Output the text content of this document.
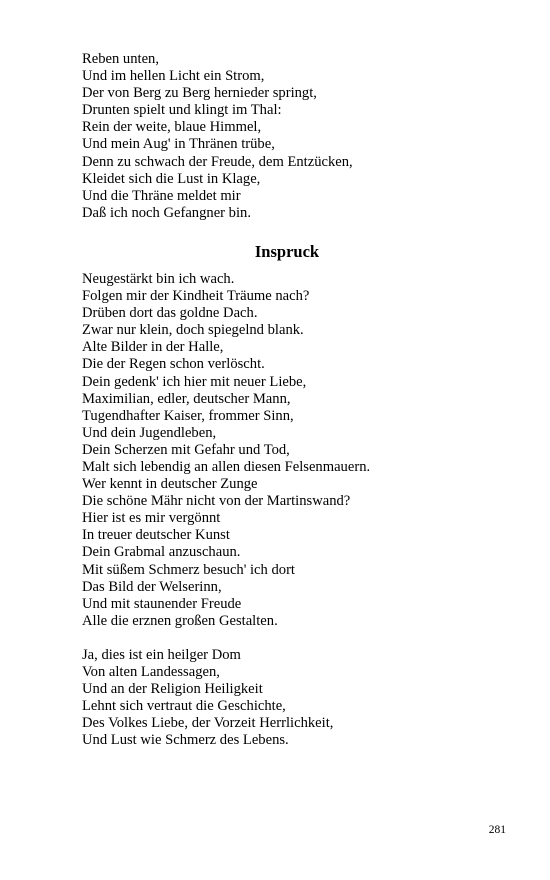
Reben unten,
Und im hellen Licht ein Strom,
Der von Berg zu Berg hernieder springt,
Drunten spielt und klingt im Thal:
Rein der weite, blaue Himmel,
Und mein Aug' in Thränen trübe,
Denn zu schwach der Freude, dem Entzücken,
Kleidet sich die Lust in Klage,
Und die Thräne meldet mir
Daß ich noch Gefangner bin.
Inspruck
Neugestärkt bin ich wach.
Folgen mir der Kindheit Träume nach?
Drüben dort das goldne Dach.
Zwar nur klein, doch spiegelnd blank.
Alte Bilder in der Halle,
Die der Regen schon verlöscht.
Dein gedenk' ich hier mit neuer Liebe,
Maximilian, edler, deutscher Mann,
Tugendhafter Kaiser, frommer Sinn,
Und dein Jugendleben,
Dein Scherzen mit Gefahr und Tod,
Malt sich lebendig an allen diesen Felsenmauern.
Wer kennt in deutscher Zunge
Die schöne Mähr nicht von der Martinswand?
Hier ist es mir vergönnt
In treuer deutscher Kunst
Dein Grabmal anzuschaun.
Mit süßem Schmerz besuch' ich dort
Das Bild der Welserinn,
Und mit staunender Freude
Alle die erznen großen Gestalten.
Ja, dies ist ein heilger Dom
Von alten Landessagen,
Und an der Religion Heiligkeit
Lehnt sich vertraut die Geschichte,
Des Volkes Liebe, der Vorzeit Herrlichkeit,
Und Lust wie Schmerz des Lebens.
281
